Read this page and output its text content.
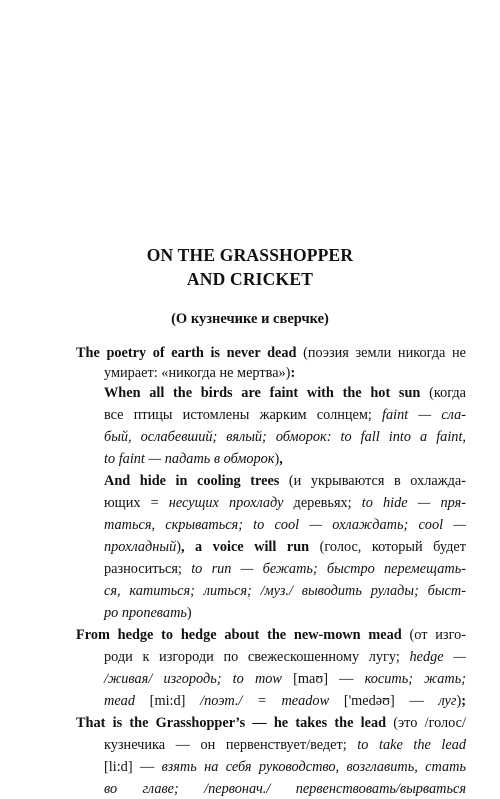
ON THE GRASSHOPPER
AND CRICKET
(О кузнечике и сверчке)
The poetry of earth is never dead (поэзия земли никогда не
умирает: «никогда не мертва»):
When all the birds are faint with the hot sun (когда
все птицы истомлены жарким солнцем; faint — сла-
бый, ослабевший; вялый; обморок: to fall into a faint,
to faint — падать в обморок),
And hide in cooling trees (и укрываются в охлажда-
ющих = несущих прохладу деревьях; to hide — пря-
таться, скрываться; to cool — охлаждать; cool —
прохладный), a voice will run (голос, который будет
разноситься; to run — бежать; быстро перемещать-
ся, катиться; литься; /муз./ выводить рулады; быст-
ро пропевать)
From hedge to hedge about the new-mown mead (от изго-
роди к изгороди по свежескошенному лугу; hedge —
/живая/ изгородь; to mow [maʊ] — косить; жать;
mead [mi:d] /поэт./ = meadow ['medəʊ] — луг);
That is the Grasshopper’s — he takes the lead (это /голос/
кузнечика — он первенствует/ведет; to take the lead
[li:d] — взять на себя руководство, возглавить, стать
во главе; /первонач./ первенствовать/вырваться
